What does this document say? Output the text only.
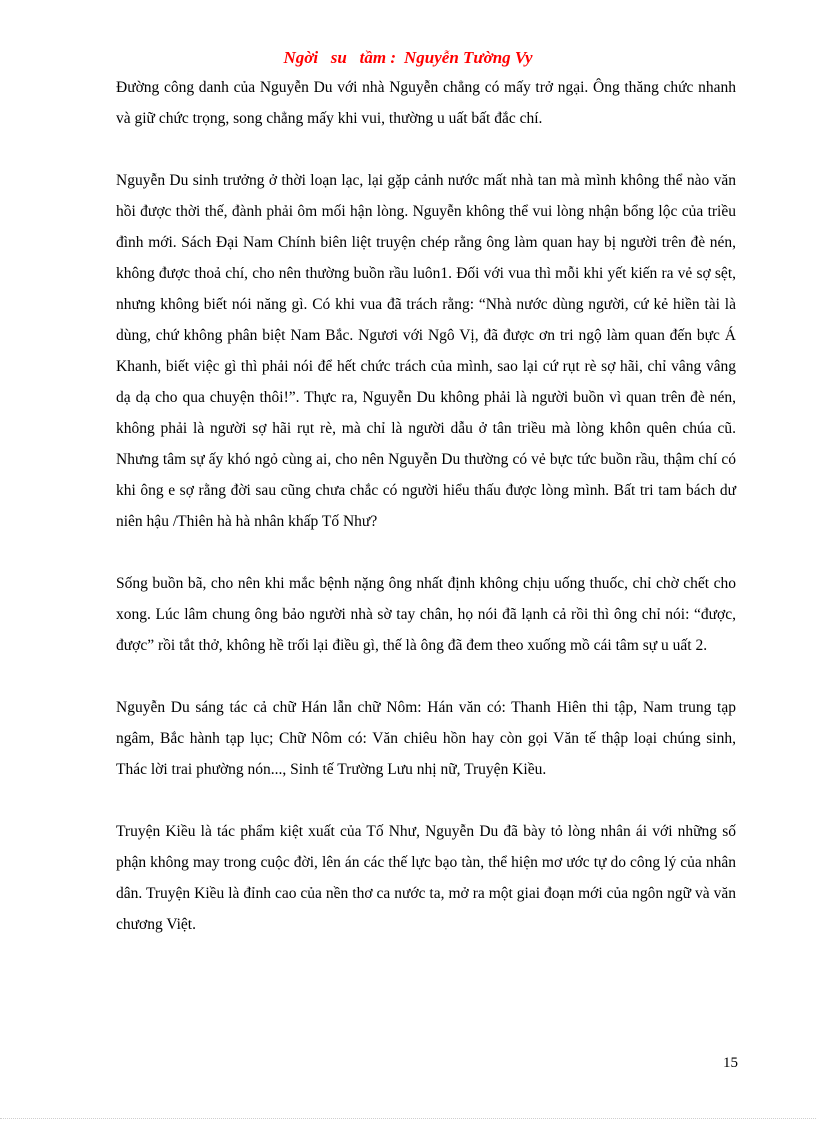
Ngời   su   tầm : Nguyễn Tường Vy

Đường công danh của Nguyễn Du với nhà Nguyễn chẳng có mấy trở ngại. Ông thăng chức nhanh và giữ chức trọng, song chẳng mấy khi vui, thường u uất bất đắc chí.

Nguyễn Du sinh trưởng ở thời loạn lạc, lại gặp cảnh nước mất nhà tan mà mình không thể nào văn hồi được thời thế, đành phải ôm mối hận lòng. Nguyễn không thể vui lòng nhận bổng lộc của triều đình mới. Sách Đại Nam Chính biên liệt truyện chép rằng ông làm quan hay bị người trên đè nén, không được thoả chí, cho nên thường buồn rầu luôn1. Đối với vua thì mỗi khi yết kiến ra vẻ sợ sệt, nhưng không biết nói năng gì. Có khi vua đã trách rằng: “Nhà nước dùng người, cứ kẻ hiền tài là dùng, chứ không phân biệt Nam Bắc. Ngươi với Ngô Vị, đã được ơn tri ngộ làm quan đến bực Á Khanh, biết việc gì thì phải nói để hết chức trách của mình, sao lại cứ rụt rè sợ hãi, chỉ vâng vâng dạ dạ cho qua chuyện thôi!”. Thực ra, Nguyễn Du không phải là người buồn vì quan trên đè nén, không phải là người sợ hãi rụt rè, mà chỉ là người dẫu ở tân triều mà lòng khôn quên chúa cũ. Nhưng tâm sự ấy khó ngỏ cùng ai, cho nên Nguyễn Du thường có vẻ bực tức buồn rầu, thậm chí có khi ông e sợ rằng đời sau cũng chưa chắc có người hiểu thấu được lòng mình. Bất tri tam bách dư niên hậu /Thiên hà hà nhân khấp Tố Như?

Sống buồn bã, cho nên khi mắc bệnh nặng ông nhất định không chịu uống thuốc, chỉ chờ chết cho xong. Lúc lâm chung ông bảo người nhà sờ tay chân, họ nói đã lạnh cả rồi thì ông chỉ nói: “được, được” rồi tắt thở, không hề trối lại điều gì, thế là ông đã đem theo xuống mồ cái tâm sự u uất 2.

Nguyễn Du sáng tác cả chữ Hán lẫn chữ Nôm: Hán văn có: Thanh Hiên thi tập, Nam trung tạp ngâm, Bắc hành tạp lục; Chữ Nôm có: Văn chiêu hồn hay còn gọi Văn tế thập loại chúng sinh, Thác lời trai phường nón..., Sinh tế Trường Lưu nhị nữ, Truyện Kiều.

Truyện Kiều là tác phẩm kiệt xuất của Tố Như, Nguyễn Du đã bày tỏ lòng nhân ái với những số phận không may trong cuộc đời, lên án các thế lực bạo tàn, thể hiện mơ ước tự do công lý của nhân dân. Truyện Kiều là đỉnh cao của nền thơ ca nước ta, mở ra một giai đoạn mới của ngôn ngữ và văn chương Việt.

15
